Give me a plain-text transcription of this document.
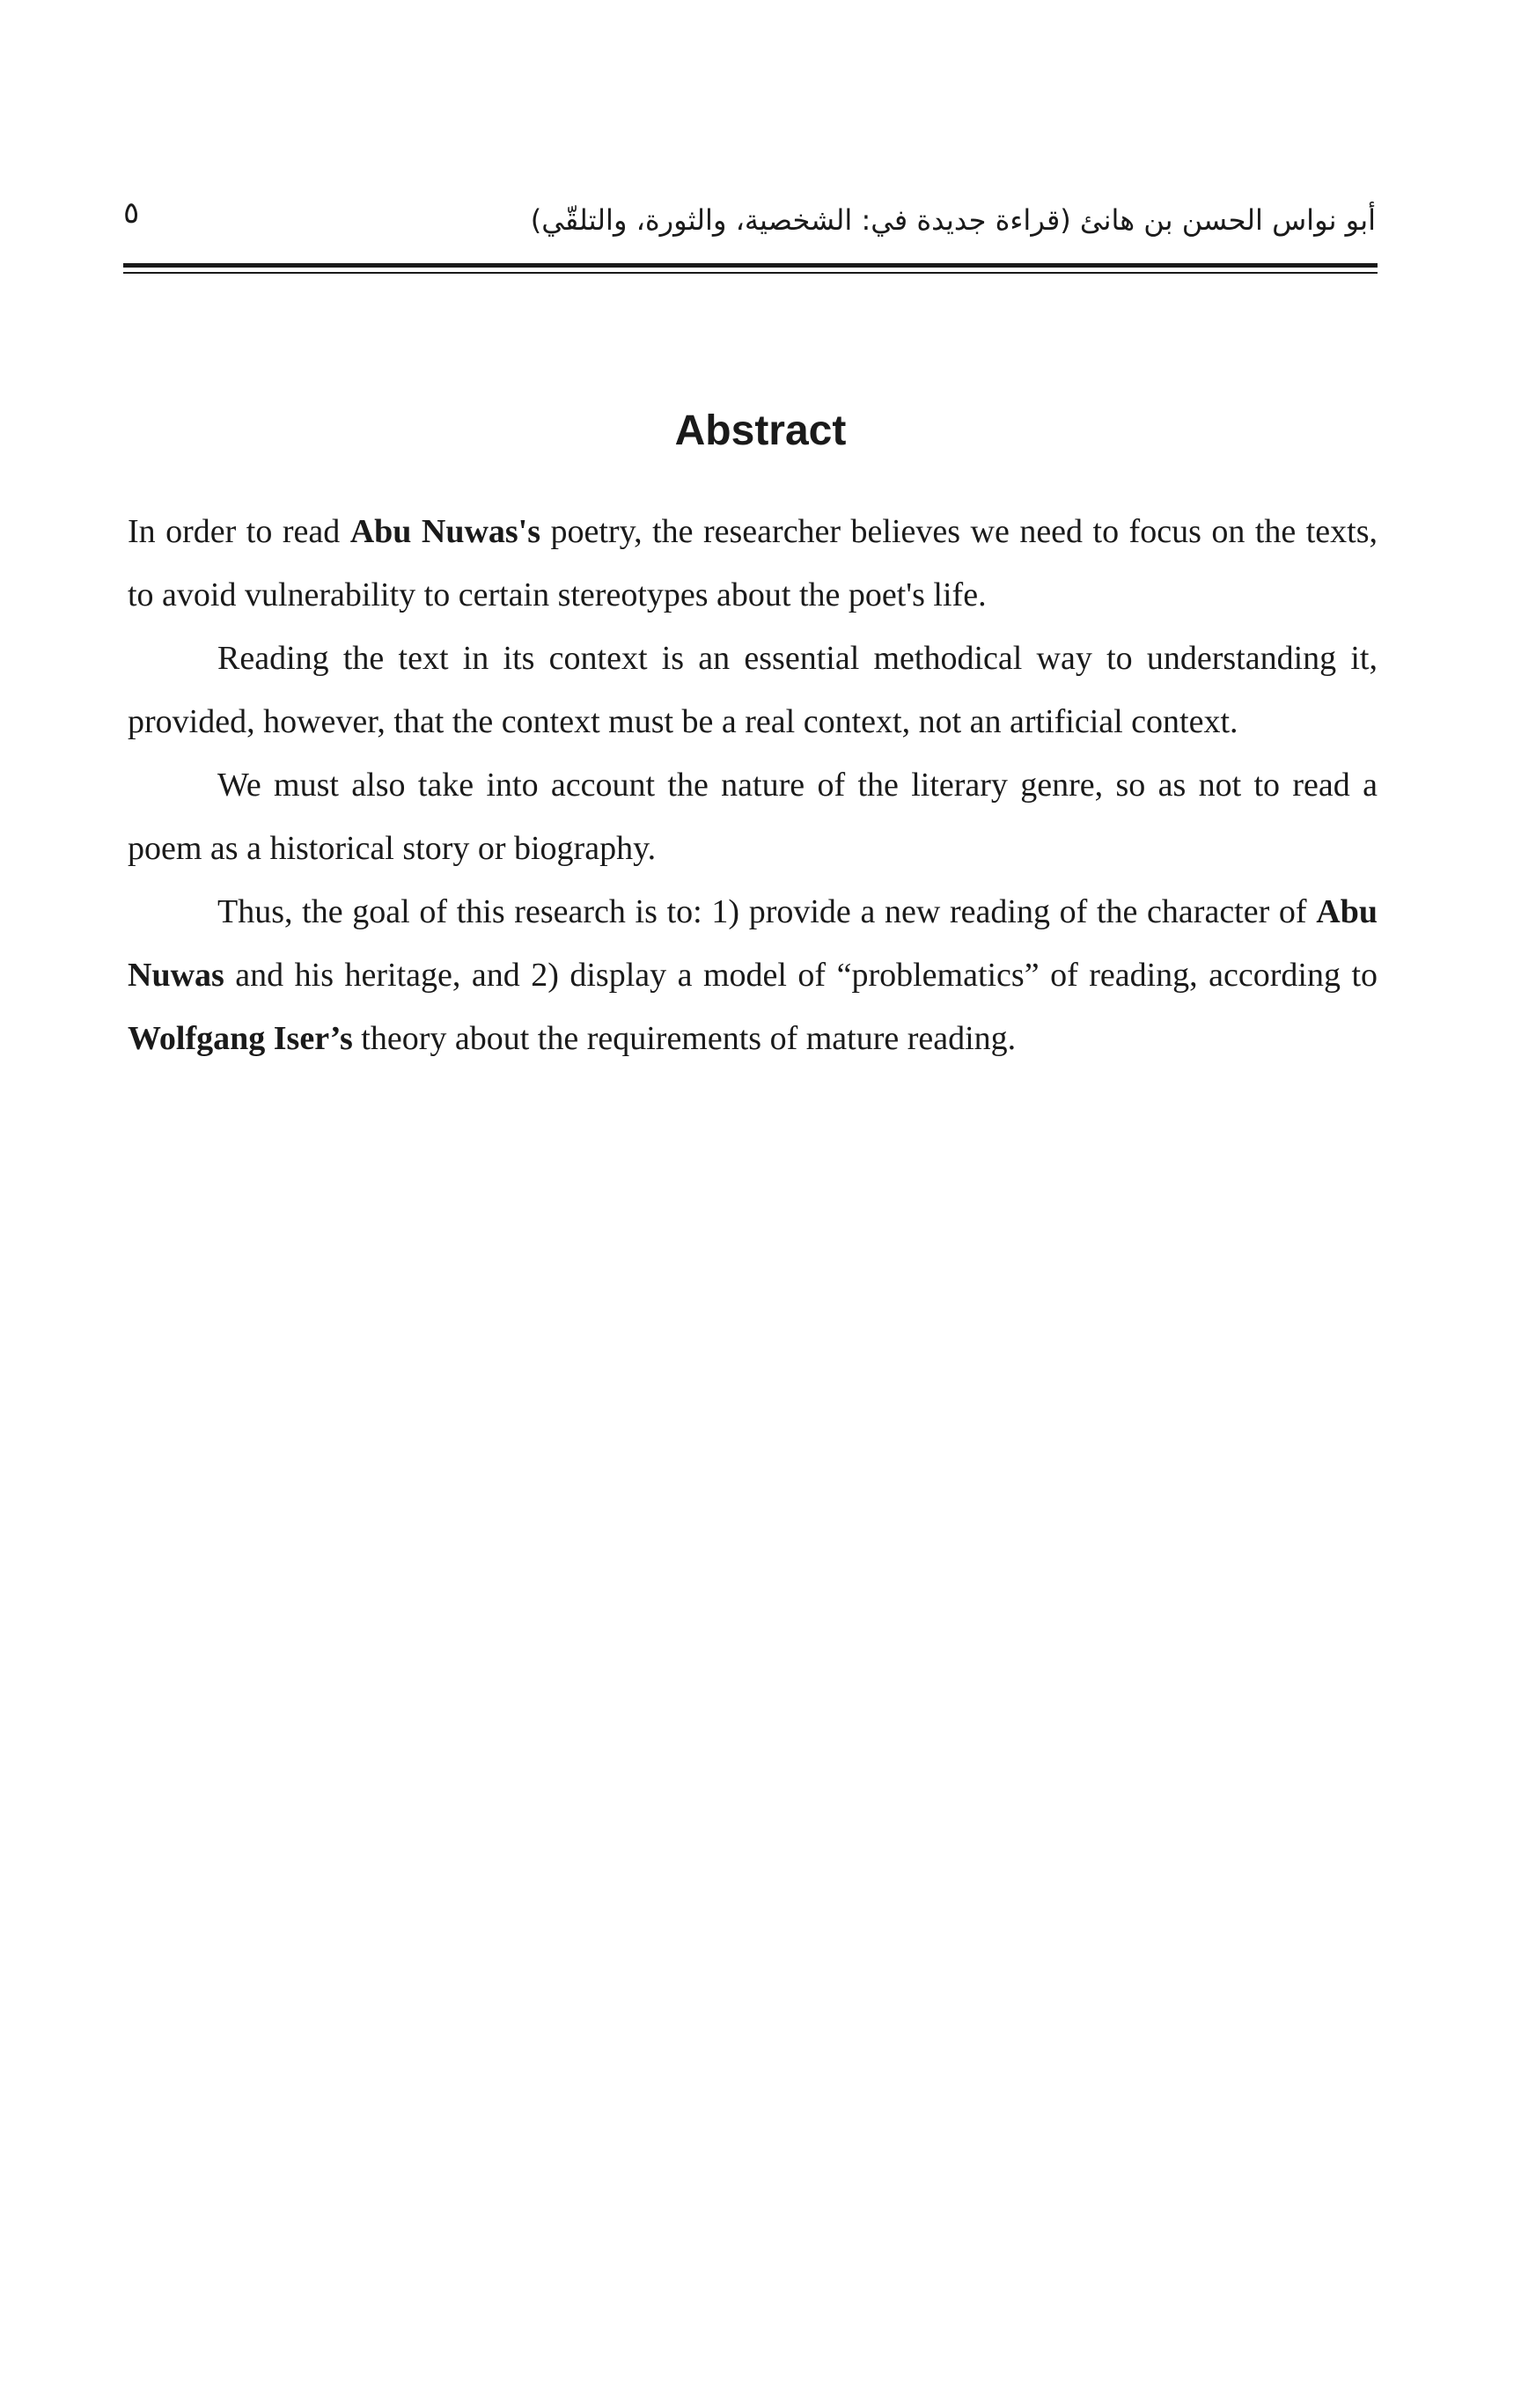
٥	أبو نواس الحسن بن هانئ (قراءة جديدة في: الشخصية، والثورة، والتلقّي)
Abstract

In order to read Abu Nuwas's poetry, the researcher believes we need to focus on the texts, to avoid vulnerability to certain stereotypes about the poet's life.

Reading the text in its context is an essential methodical way to understanding it, provided, however, that the context must be a real context, not an artificial context.

We must also take into account the nature of the literary genre, so as not to read a poem as a historical story or biography.

Thus, the goal of this research is to: 1) provide a new reading of the character of Abu Nuwas and his heritage, and 2) display a model of “problematics” of reading, according to Wolfgang Iser’s theory about the requirements of mature reading.
